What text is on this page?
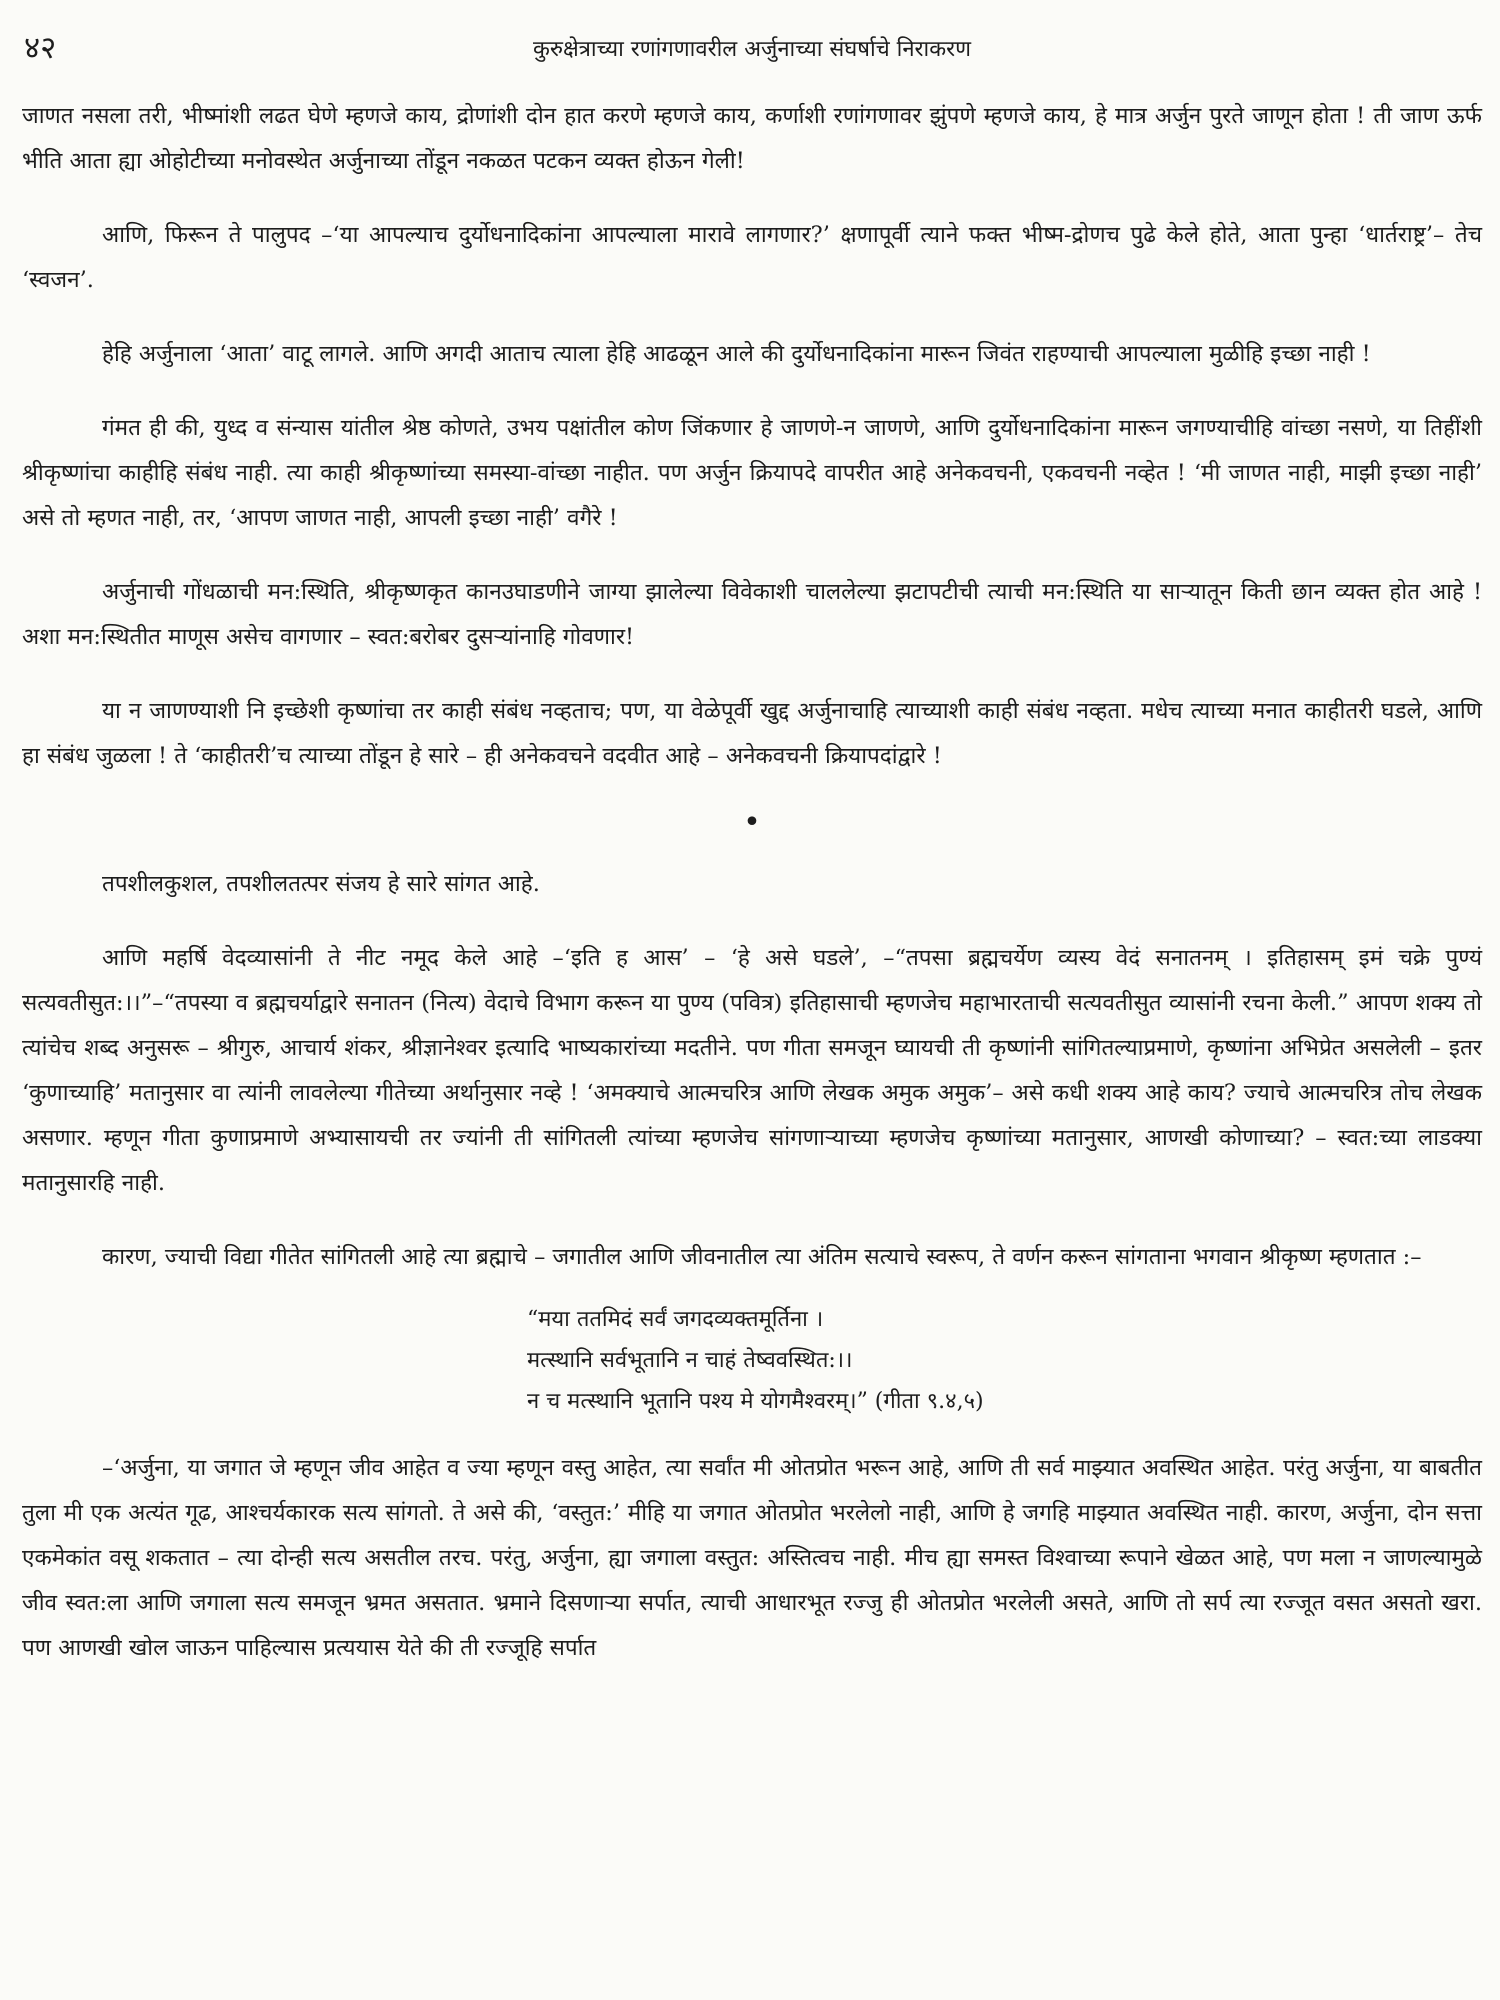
४२	कुरुक्षेत्राच्या रणांगणावरील अर्जुनाच्या संघर्षाचे निराकरण

जाणत नसला तरी, भीष्मांशी लढत घेणे म्हणजे काय, द्रोणांशी दोन हात करणे म्हणजे काय, कर्णाशी रणांगणावर झुंपणे म्हणजे काय, हे मात्र अर्जुन पुरते जाणून होता ! ती जाण ऊर्फ भीति आता ह्या ओहोटीच्या मनोवस्थेत अर्जुनाच्या तोंडून नकळत पटकन व्यक्त होऊन गेली!

आणि, फिरून ते पालुपद –‘या आपल्याच दुर्योधनादिकांना आपल्याला मारावे लागणार?’ क्षणापूर्वी त्याने फक्त भीष्म-द्रोणच पुढे केले होते, आता पुन्हा ‘धार्तराष्ट्र’– तेच ‘स्वजन’.

हेहि अर्जुनाला ‘आता’ वाटू लागले. आणि अगदी आताच त्याला हेहि आढळून आले की दुर्योधनादिकांना मारून जिवंत राहण्याची आपल्याला मुळीहि इच्छा नाही !

गंमत ही की, युध्द व संन्यास यांतील श्रेष्ठ कोणते, उभय पक्षांतील कोण जिंकणार हे जाणणे-न जाणणे, आणि दुर्योधनादिकांना मारून जगण्याचीहि वांच्छा नसणे, या तिहींशी श्रीकृष्णांचा काहीहि संबंध नाही. त्या काही श्रीकृष्णांच्या समस्या-वांच्छा नाहीत. पण अर्जुन क्रियापदे वापरीत आहे अनेकवचनी, एकवचनी नव्हेत ! ‘मी जाणत नाही, माझी इच्छा नाही’ असे तो म्हणत नाही, तर, ‘आपण जाणत नाही, आपली इच्छा नाही’ वगैरे !

अर्जुनाची गोंधळाची मन:स्थिति, श्रीकृष्णकृत कानउघाडणीने जाग्या झालेल्या विवेकाशी चाललेल्या झटापटीची त्याची मन:स्थिति या साऱ्यातून किती छान व्यक्त होत आहे ! अशा मन:स्थितीत माणूस असेच वागणार – स्वत:बरोबर दुसऱ्यांनाहि गोवणार!

या न जाणण्याशी नि इच्छेशी कृष्णांचा तर काही संबंध नव्हताच; पण, या वेळेपूर्वी खुद्द अर्जुनाचाहि त्याच्याशी काही संबंध नव्हता. मधेच त्याच्या मनात काहीतरी घडले, आणि हा संबंध जुळला ! ते ‘काहीतरी’च त्याच्या तोंडून हे सारे – ही अनेकवचने वदवीत आहे – अनेकवचनी क्रियापदांद्वारे !

•

तपशीलकुशल, तपशीलतत्पर संजय हे सारे सांगत आहे.

आणि महर्षि वेदव्यासांनी ते नीट नमूद केले आहे –‘इति ह आस’ – ‘हे असे घडले’, –“तपसा ब्रह्मचर्येण व्यस्य वेदं सनातनम् । इतिहासम् इमं चक्रे पुण्यं सत्यवतीसुत:।।”–“तपस्या व ब्रह्मचर्याद्वारे सनातन (नित्य) वेदाचे विभाग करून या पुण्य (पवित्र) इतिहासाची म्हणजेच महाभारताची सत्यवतीसुत व्यासांनी रचना केली.” आपण शक्य तो त्यांचेच शब्द अनुसरू – श्रीगुरु, आचार्य शंकर, श्रीज्ञानेश्वर इत्यादि भाष्यकारांच्या मदतीने. पण गीता समजून घ्यायची ती कृष्णांनी सांगितल्याप्रमाणे, कृष्णांना अभिप्रेत असलेली – इतर ‘कुणाच्याहि’ मतानुसार वा त्यांनी लावलेल्या गीतेच्या अर्थानुसार नव्हे ! ‘अमक्याचे आत्मचरित्र आणि लेखक अमुक अमुक’– असे कधी शक्य आहे काय? ज्याचे आत्मचरित्र तोच लेखक असणार. म्हणून गीता कुणाप्रमाणे अभ्यासायची तर ज्यांनी ती सांगितली त्यांच्या म्हणजेच सांगणाऱ्याच्या म्हणजेच कृष्णांच्या मतानुसार, आणखी कोणाच्या? – स्वत:च्या लाडक्या मतानुसारहि नाही.

कारण, ज्याची विद्या गीतेत सांगितली आहे त्या ब्रह्माचे – जगातील आणि जीवनातील त्या अंतिम सत्याचे स्वरूप, ते वर्णन करून सांगताना भगवान श्रीकृष्ण म्हणतात :–

“मया ततमिदं सर्वं जगदव्यक्तमूर्तिना ।
मत्स्थानि सर्वभूतानि न चाहं तेष्ववस्थित:।।
न च मत्स्थानि भूतानि पश्य मे योगमैश्वरम्।” (गीता ९.४,५)

–‘अर्जुना, या जगात जे म्हणून जीव आहेत व ज्या म्हणून वस्तु आहेत, त्या सर्वांत मी ओतप्रोत भरून आहे, आणि ती सर्व माझ्यात अवस्थित आहेत. परंतु अर्जुना, या बाबतीत तुला मी एक अत्यंत गूढ, आश्चर्यकारक सत्य सांगतो. ते असे की, ‘वस्तुत:’ मीहि या जगात ओतप्रोत भरलेलो नाही, आणि हे जगहि माझ्यात अवस्थित नाही. कारण, अर्जुना, दोन सत्ता एकमेकांत वसू शकतात – त्या दोन्ही सत्य असतील तरच. परंतु, अर्जुना, ह्या जगाला वस्तुत: अस्तित्वच नाही. मीच ह्या समस्त विश्वाच्या रूपाने खेळत आहे, पण मला न जाणल्यामुळे जीव स्वत:ला आणि जगाला सत्य समजून भ्रमत असतात. भ्रमाने दिसणाऱ्या सर्पात, त्याची आधारभूत रज्जु ही ओतप्रोत भरलेली असते, आणि तो सर्प त्या रज्जूत वसत असतो खरा. पण आणखी खोल जाऊन पाहिल्यास प्रत्ययास येते की ती रज्जूहि सर्पात
